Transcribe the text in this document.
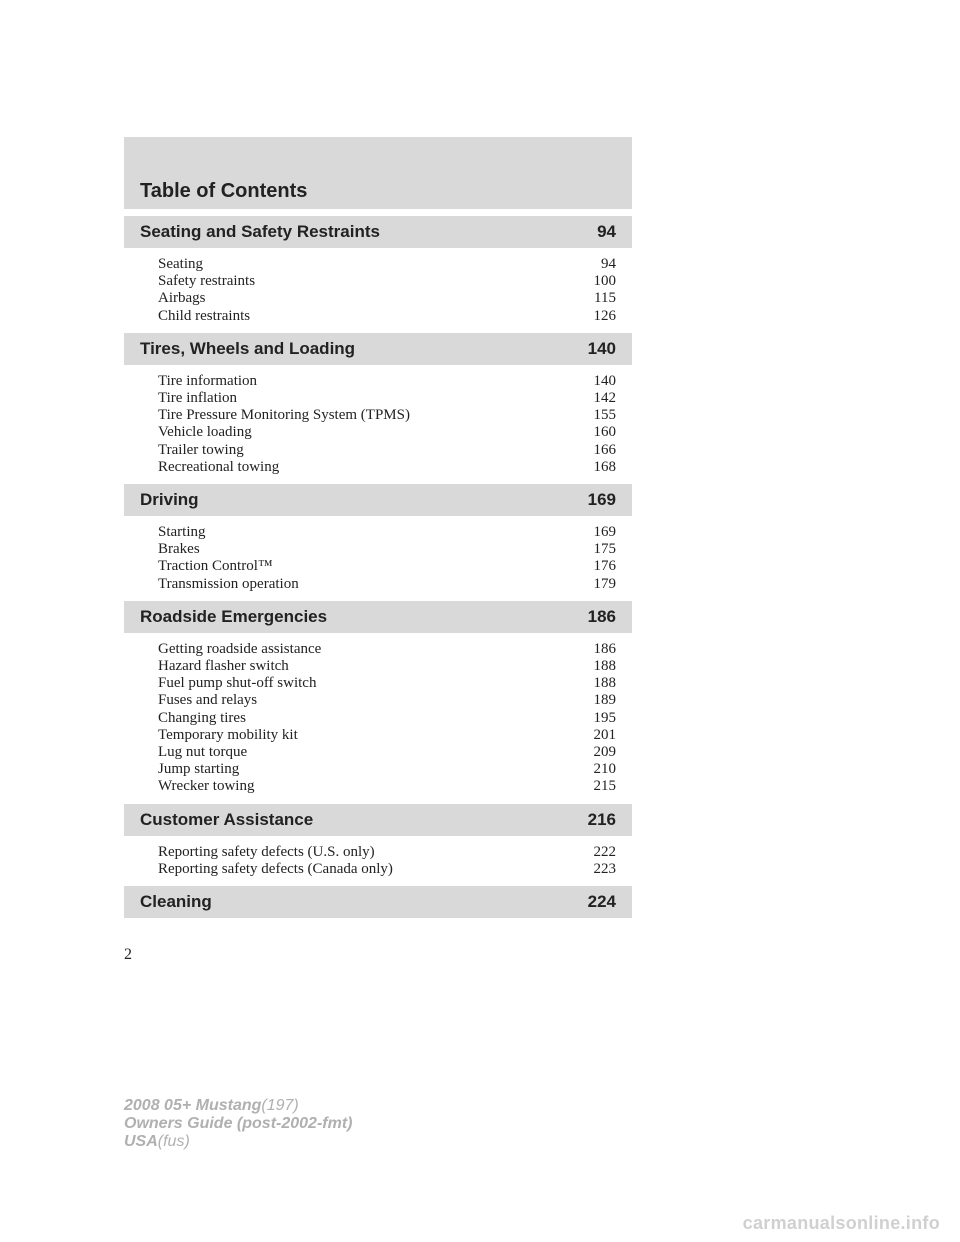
Table of Contents
Seating and Safety Restraints	94
Seating	94
Safety restraints	100
Airbags	115
Child restraints	126
Tires, Wheels and Loading	140
Tire information	140
Tire inflation	142
Tire Pressure Monitoring System (TPMS)	155
Vehicle loading	160
Trailer towing	166
Recreational towing	168
Driving	169
Starting	169
Brakes	175
Traction Control™	176
Transmission operation	179
Roadside Emergencies	186
Getting roadside assistance	186
Hazard flasher switch	188
Fuel pump shut-off switch	188
Fuses and relays	189
Changing tires	195
Temporary mobility kit	201
Lug nut torque	209
Jump starting	210
Wrecker towing	215
Customer Assistance	216
Reporting safety defects (U.S. only)	222
Reporting safety defects (Canada only)	223
Cleaning	224
2
2008 05+ Mustang(197)
Owners Guide (post-2002-fmt)
USA(fus)
carmanualsonline.info
